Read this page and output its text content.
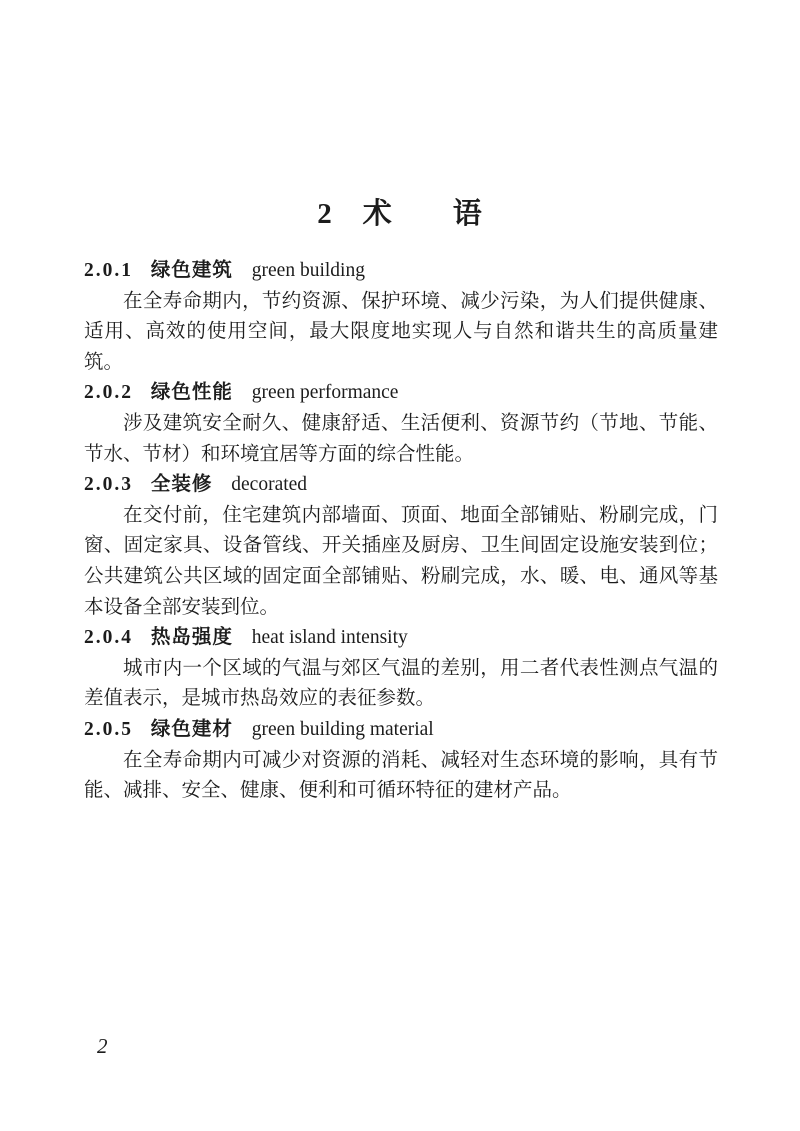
2　术　　语
2.0.1 绿色建筑 green building

在全寿命期内，节约资源、保护环境、减少污染，为人们提供健康、适用、高效的使用空间，最大限度地实现人与自然和谐共生的高质量建筑。

2.0.2 绿色性能 green performance

涉及建筑安全耐久、健康舒适、生活便利、资源节约（节地、节能、节水、节材）和环境宜居等方面的综合性能。

2.0.3 全装修 decorated

在交付前，住宅建筑内部墙面、顶面、地面全部铺贴、粉刷完成，门窗、固定家具、设备管线、开关插座及厨房、卫生间固定设施安装到位；公共建筑公共区域的固定面全部铺贴、粉刷完成，水、暖、电、通风等基本设备全部安装到位。

2.0.4 热岛强度 heat island intensity

城市内一个区域的气温与郊区气温的差别，用二者代表性测点气温的差值表示，是城市热岛效应的表征参数。

2.0.5 绿色建材 green building material

在全寿命期内可减少对资源的消耗、减轻对生态环境的影响，具有节能、减排、安全、健康、便利和可循环特征的建材产品。

2
